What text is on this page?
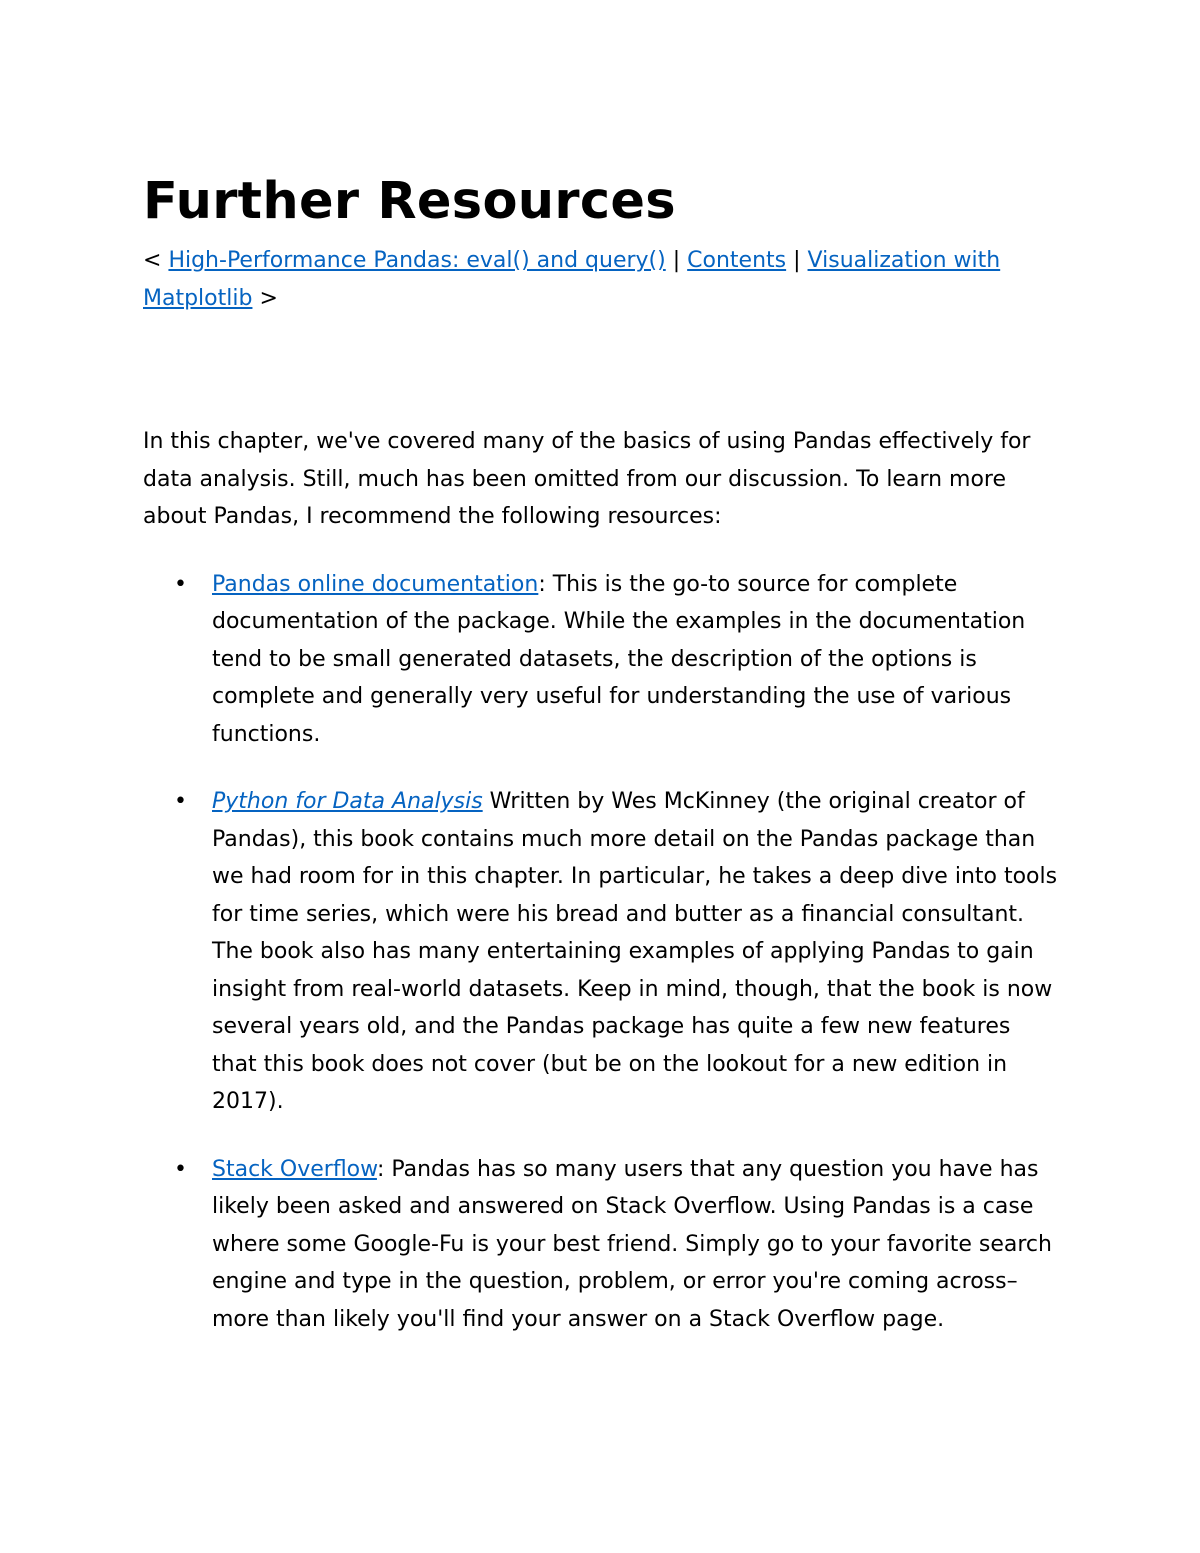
Further Resources
< High-Performance Pandas: eval() and query() | Contents | Visualization with Matplotlib >

In this chapter, we've covered many of the basics of using Pandas effectively for data analysis. Still, much has been omitted from our discussion. To learn more about Pandas, I recommend the following resources:

• Pandas online documentation: This is the go-to source for complete documentation of the package. While the examples in the documentation tend to be small generated datasets, the description of the options is complete and generally very useful for understanding the use of various functions.
• Python for Data Analysis Written by Wes McKinney (the original creator of Pandas), this book contains much more detail on the Pandas package than we had room for in this chapter. In particular, he takes a deep dive into tools for time series, which were his bread and butter as a financial consultant. The book also has many entertaining examples of applying Pandas to gain insight from real-world datasets. Keep in mind, though, that the book is now several years old, and the Pandas package has quite a few new features that this book does not cover (but be on the lookout for a new edition in 2017).
• Stack Overflow: Pandas has so many users that any question you have has likely been asked and answered on Stack Overflow. Using Pandas is a case where some Google-Fu is your best friend. Simply go to your favorite search engine and type in the question, problem, or error you're coming across–more than likely you'll find your answer on a Stack Overflow page.
